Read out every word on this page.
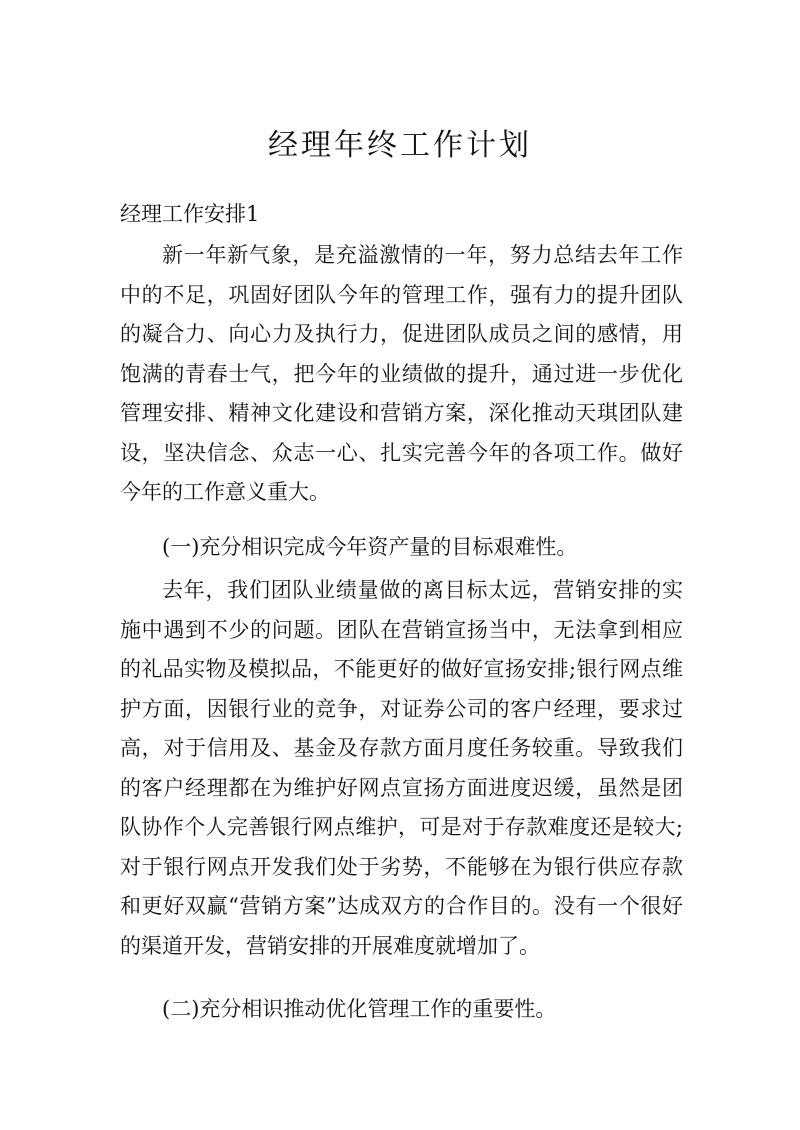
经理年终工作计划
经理工作安排1

新一年新气象，是充溢激情的一年，努力总结去年工作中的不足，巩固好团队今年的管理工作，强有力的提升团队的凝合力、向心力及执行力，促进团队成员之间的感情，用饱满的青春士气，把今年的业绩做的提升，通过进一步优化管理安排、精神文化建设和营销方案，深化推动天琪团队建设，坚决信念、众志一心、扎实完善今年的各项工作。做好今年的工作意义重大。

(一)充分相识完成今年资产量的目标艰难性。

去年，我们团队业绩量做的离目标太远，营销安排的实施中遇到不少的问题。团队在营销宣扬当中，无法拿到相应的礼品实物及模拟品，不能更好的做好宣扬安排;银行网点维护方面，因银行业的竞争，对证券公司的客户经理，要求过高，对于信用及、基金及存款方面月度任务较重。导致我们的客户经理都在为维护好网点宣扬方面进度迟缓，虽然是团队协作个人完善银行网点维护，可是对于存款难度还是较大;对于银行网点开发我们处于劣势，不能够在为银行供应存款和更好双赢“营销方案”达成双方的合作目的。没有一个很好的渠道开发，营销安排的开展难度就增加了。

(二)充分相识推动优化管理工作的重要性。
